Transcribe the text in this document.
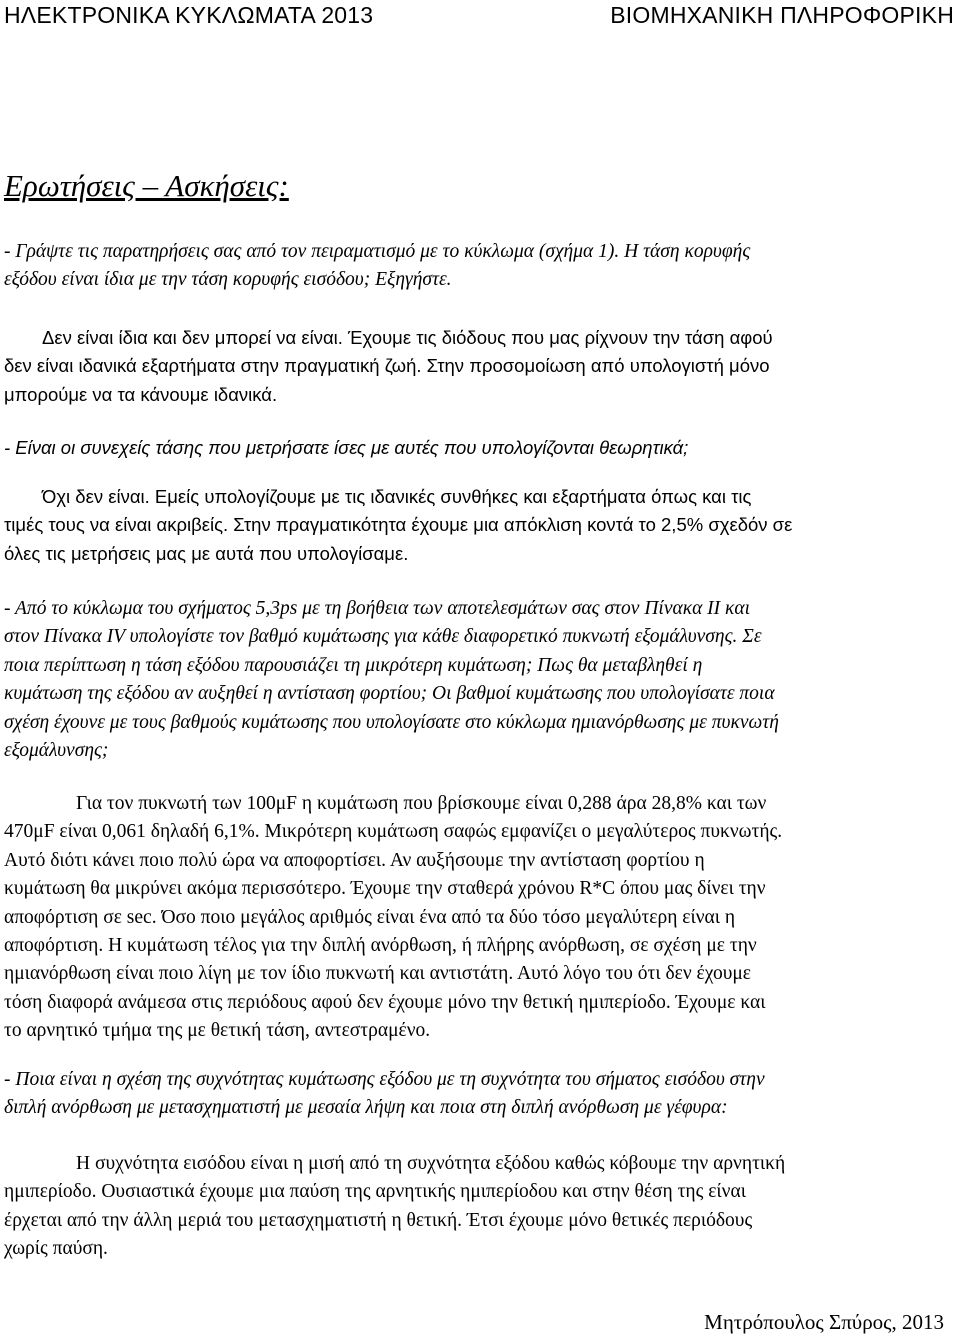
ΗΛΕΚΤΡΟΝΙΚΑ ΚΥΚΛΩΜΑΤΑ 2013	ΒΙΟΜΗΧΑΝΙΚΗ ΠΛΗΡΟΦΟΡΙΚΗ
Ερωτήσεις – Ασκήσεις:
- Γράψτε τις παρατηρήσεις σας από τον πειραματισμό με το κύκλωμα (σχήμα 1). Η τάση κορυφής
εξόδου είναι ίδια με την τάση κορυφής εισόδου; Εξηγήστε.
Δεν είναι ίδια και δεν μπορεί να είναι. Έχουμε τις διόδους που μας ρίχνουν την τάση αφού
δεν είναι ιδανικά εξαρτήματα στην πραγματική ζωή. Στην προσομοίωση από υπολογιστή μόνο
μπορούμε να τα κάνουμε ιδανικά.
- Είναι οι συνεχείς τάσης που μετρήσατε ίσες με αυτές που υπολογίζονται θεωρητικά;
Όχι δεν είναι. Εμείς υπολογίζουμε με τις ιδανικές συνθήκες και εξαρτήματα όπως και τις
τιμές τους να είναι ακριβείς. Στην πραγματικότητα έχουμε μια απόκλιση κοντά το 2,5% σχεδόν σε
όλες τις μετρήσεις μας με αυτά που υπολογίσαμε.
- Από το κύκλωμα του σχήματος 5,3ps με τη βοήθεια των αποτελεσμάτων σας στον Πίνακα ΙΙ και
στον Πίνακα ΙV υπολογίστε τον βαθμό κυμάτωσης για κάθε διαφορετικό πυκνωτή εξομάλυνσης. Σε
ποια περίπτωση η τάση εξόδου παρουσιάζει τη μικρότερη κυμάτωση; Πως θα μεταβληθεί η
κυμάτωση της εξόδου αν αυξηθεί η αντίσταση φορτίου; Οι βαθμοί κυμάτωσης που υπολογίσατε ποια
σχέση έχουνε με τους βαθμούς κυμάτωσης που υπολογίσατε στο κύκλωμα ημιανόρθωσης με πυκνωτή
εξομάλυνσης;
Για τον πυκνωτή των 100μF η κυμάτωση που βρίσκουμε είναι 0,288 άρα 28,8% και των
470μF είναι 0,061 δηλαδή 6,1%. Μικρότερη κυμάτωση σαφώς εμφανίζει ο μεγαλύτερος πυκνωτής.
Αυτό διότι κάνει ποιο πολύ ώρα να αποφορτίσει. Αν αυξήσουμε την αντίσταση φορτίου η
κυμάτωση θα μικρύνει ακόμα περισσότερο. Έχουμε την σταθερά χρόνου R*C όπου μας δίνει την
αποφόρτιση σε sec. Όσο ποιο μεγάλος αριθμός είναι ένα από τα δύο τόσο μεγαλύτερη είναι η
αποφόρτιση. Η κυμάτωση τέλος για την διπλή ανόρθωση, ή πλήρης ανόρθωση, σε σχέση με την
ημιανόρθωση είναι ποιο λίγη με τον ίδιο πυκνωτή και αντιστάτη. Αυτό λόγο του ότι δεν έχουμε
τόση διαφορά ανάμεσα στις περιόδους αφού δεν έχουμε μόνο την θετική ημιπερίοδο. Έχουμε και
το αρνητικό τμήμα της με θετική τάση, αντεστραμένο.
- Ποια είναι η σχέση της συχνότητας κυμάτωσης εξόδου με τη συχνότητα του σήματος εισόδου στην
διπλή ανόρθωση με μετασχηματιστή με μεσαία λήψη και ποια στη διπλή ανόρθωση με γέφυρα:
Η συχνότητα εισόδου είναι η μισή από τη συχνότητα εξόδου καθώς κόβουμε την αρνητική
ημιπερίοδο. Ουσιαστικά έχουμε μια παύση της αρνητικής ημιπερίοδου και στην θέση της είναι
έρχεται από την άλλη μεριά του μετασχηματιστή η θετική. Έτσι έχουμε μόνο θετικές περιόδους
χωρίς παύση.
Μητρόπουλος Σπύρος, 2013
